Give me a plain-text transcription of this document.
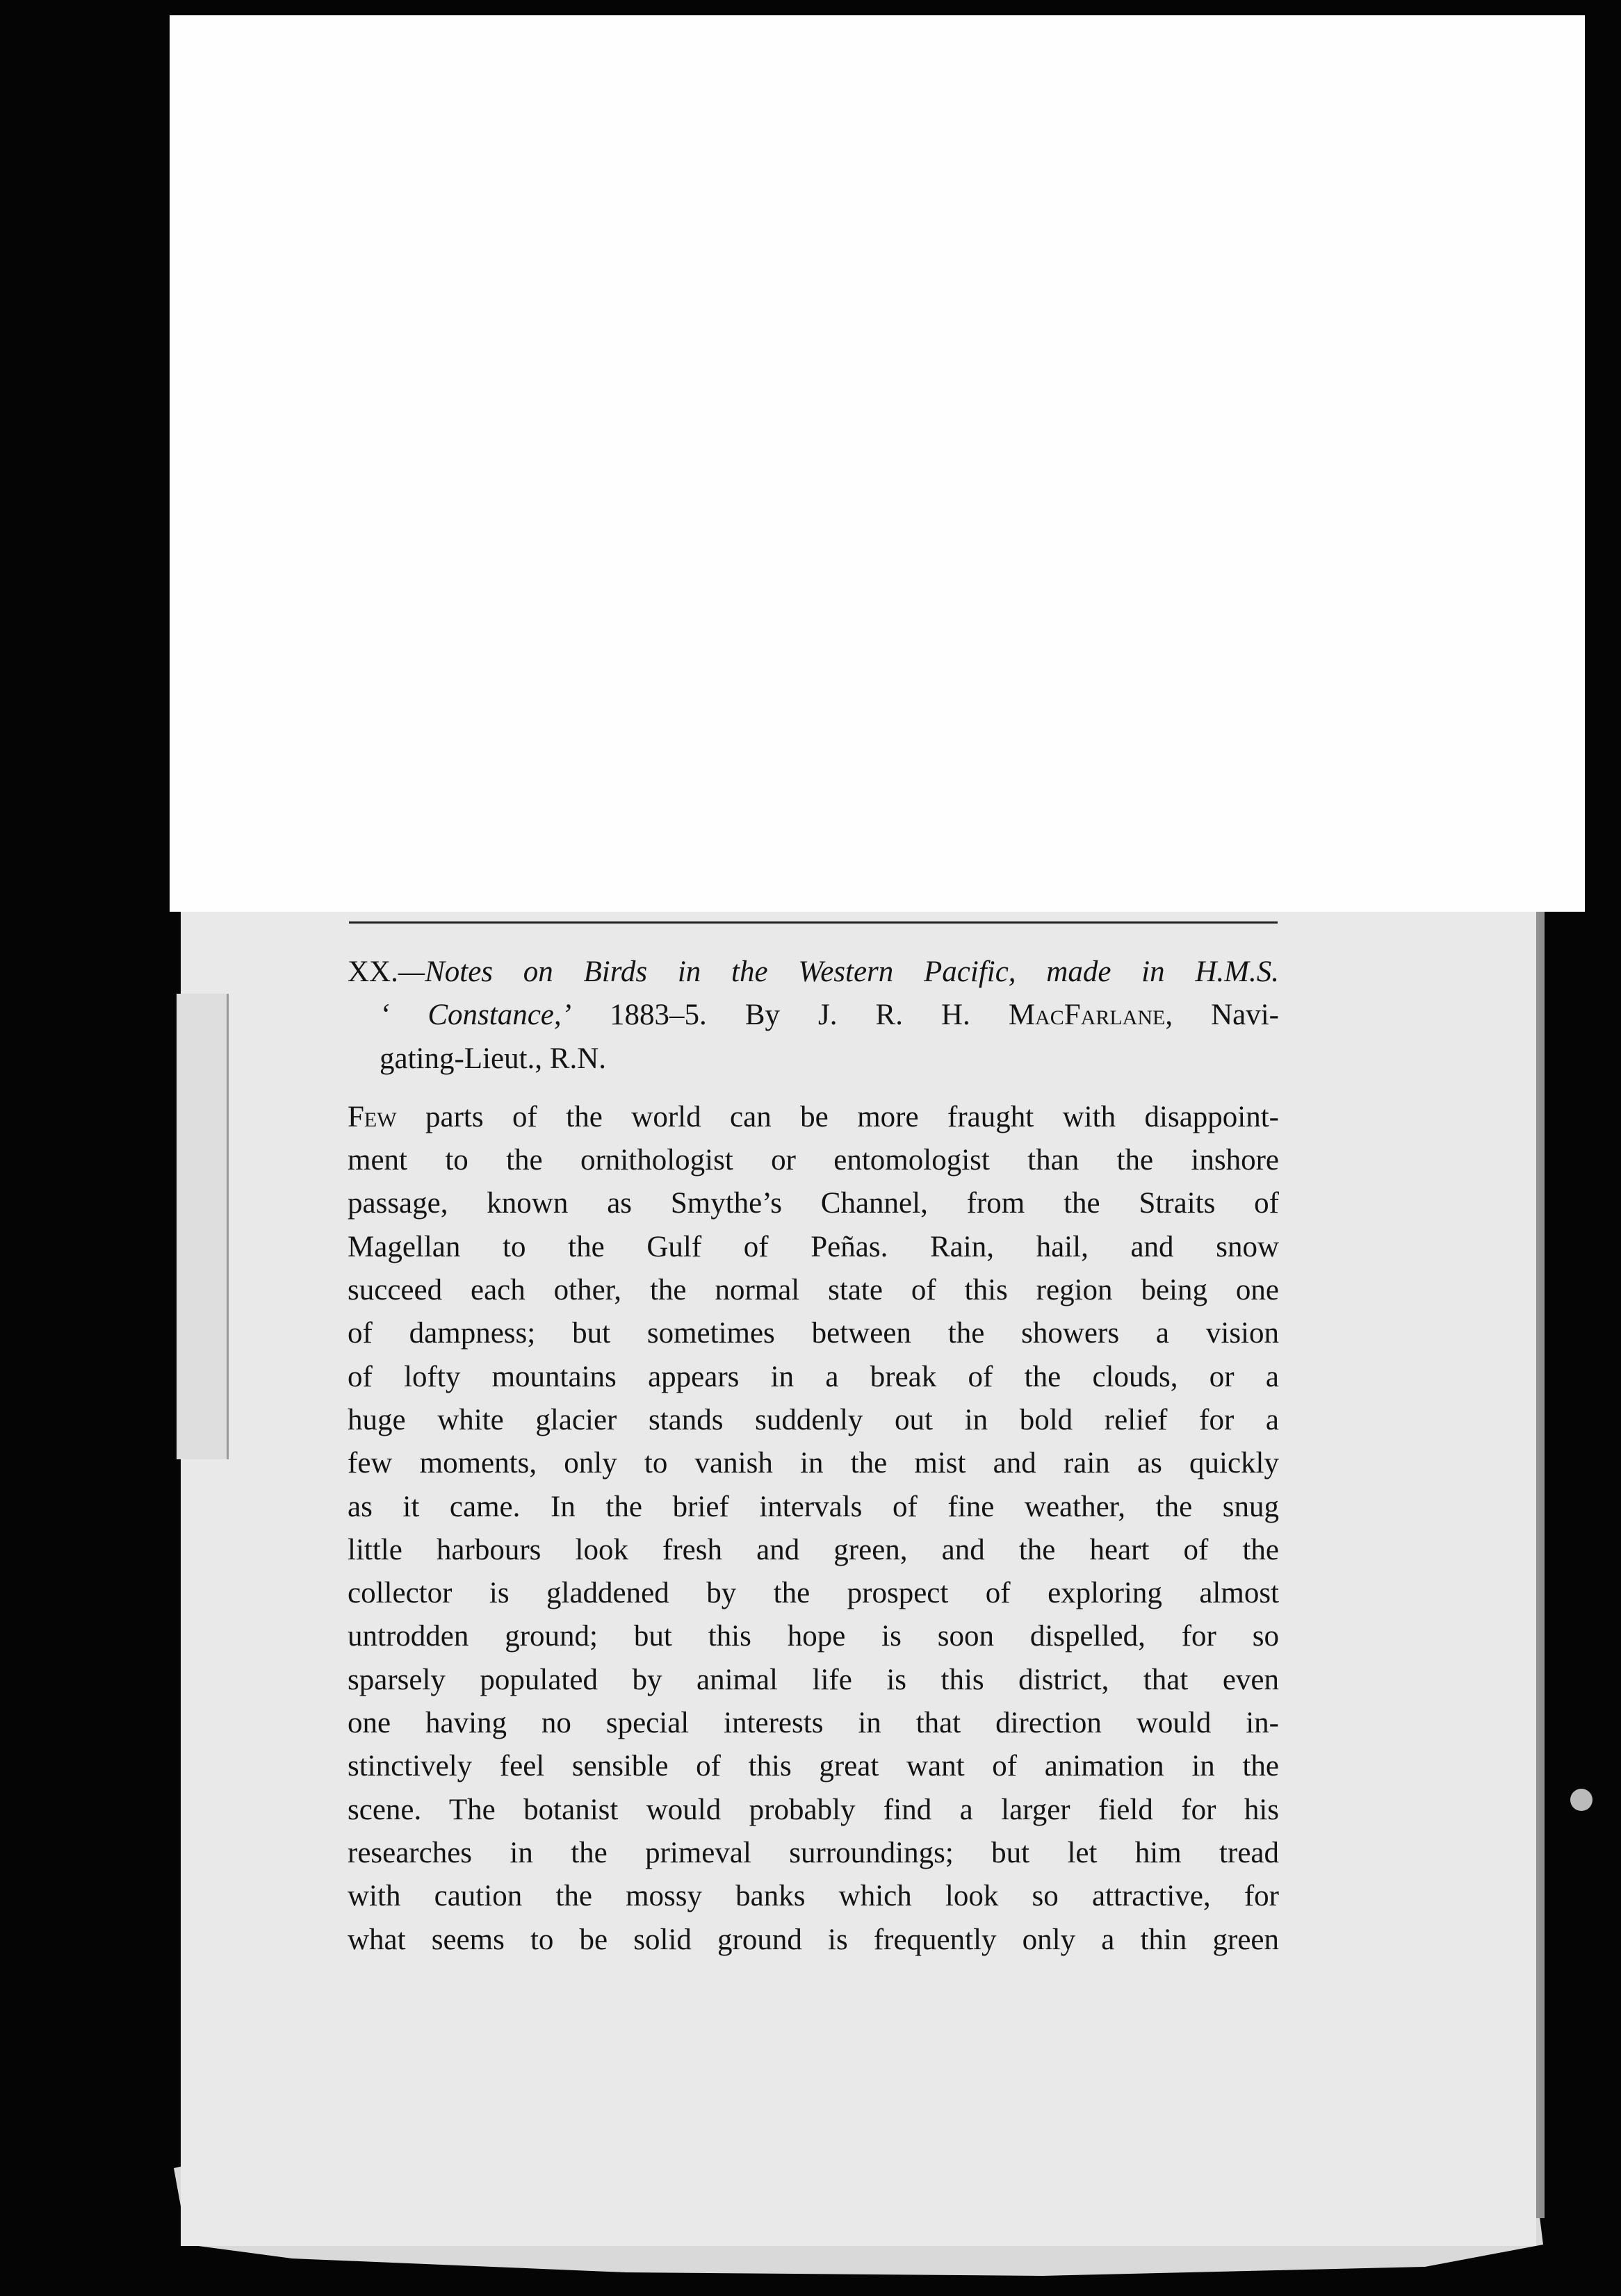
XX.—Notes on Birds in the Western Pacific, made in H.M.S.
‘ Constance,’ 1883–5. By J. R. H. MacFarlane, Navi-
gating-Lieut., R.N.
Few parts of the world can be more fraught with disappoint-
ment to the ornithologist or entomologist than the inshore
passage, known as Smythe’s Channel, from the Straits of
Magellan to the Gulf of Peñas. Rain, hail, and snow
succeed each other, the normal state of this region being one
of dampness; but sometimes between the showers a vision
of lofty mountains appears in a break of the clouds, or a
huge white glacier stands suddenly out in bold relief for a
few moments, only to vanish in the mist and rain as quickly
as it came. In the brief intervals of fine weather, the snug
little harbours look fresh and green, and the heart of the
collector is gladdened by the prospect of exploring almost
untrodden ground; but this hope is soon dispelled, for so
sparsely populated by animal life is this district, that even
one having no special interests in that direction would in-
stinctively feel sensible of this great want of animation in the
scene. The botanist would probably find a larger field for his
researches in the primeval surroundings; but let him tread
with caution the mossy banks which look so attractive, for
what seems to be solid ground is frequently only a thin green
